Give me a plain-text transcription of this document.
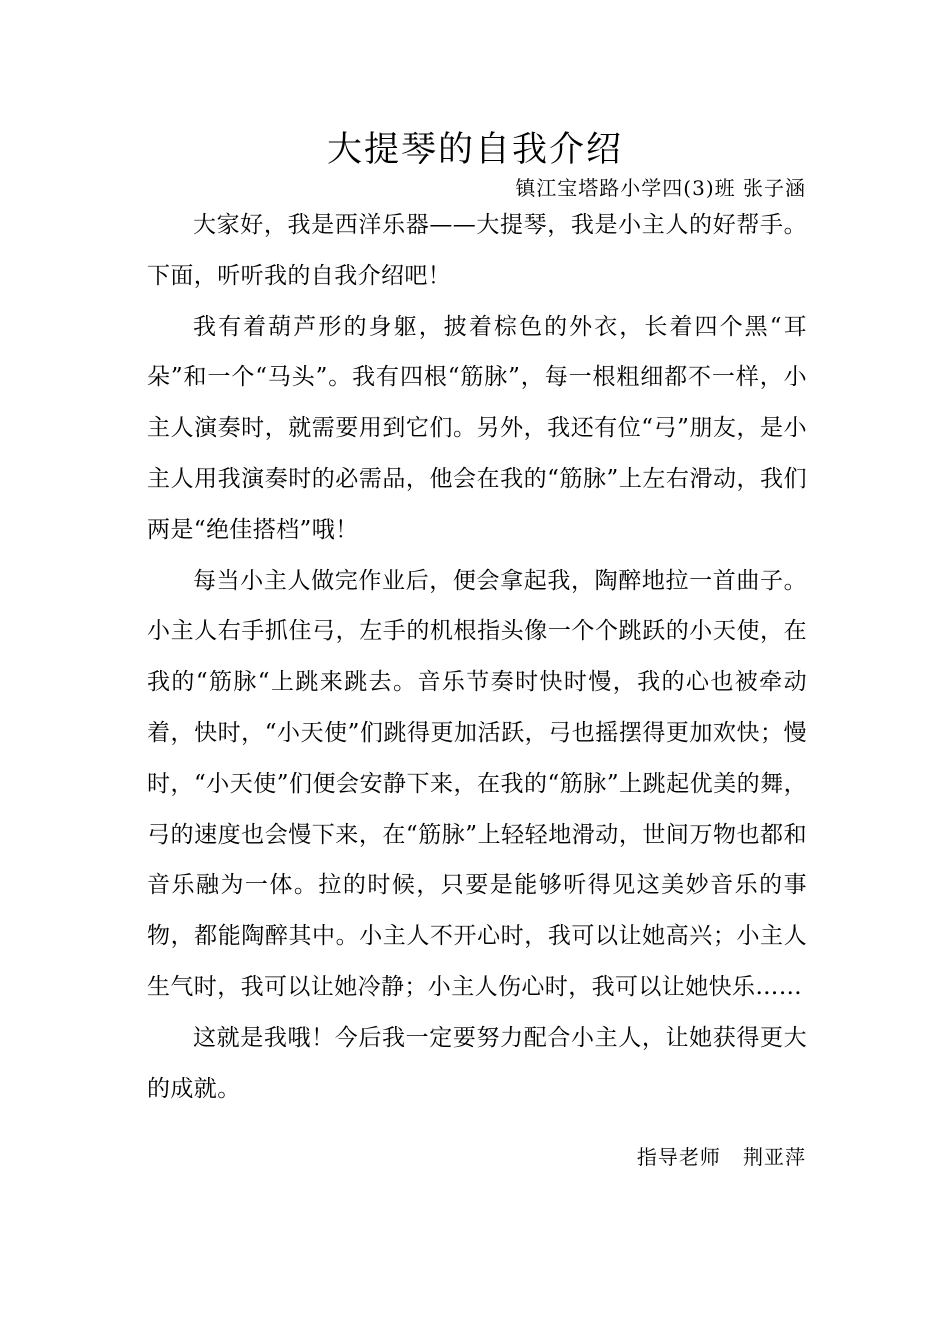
大提琴的自我介绍
镇江宝塔路小学四(3)班 张子涵

大家好，我是西洋乐器——大提琴，我是小主人的好帮手。下面，听听我的自我介绍吧！

我有着葫芦形的身躯，披着棕色的外衣，长着四个黑“耳朵”和一个“马头”。我有四根“筋脉”，每一根粗细都不一样，小主人演奏时，就需要用到它们。另外，我还有位“弓”朋友，是小主人用我演奏时的必需品，他会在我的“筋脉”上左右滑动，我们两是“绝佳搭档”哦！

每当小主人做完作业后，便会拿起我，陶醉地拉一首曲子。小主人右手抓住弓，左手的机根指头像一个个跳跃的小天使，在我的“筋脉“上跳来跳去。音乐节奏时快时慢，我的心也被牵动着，快时，“小天使”们跳得更加活跃，弓也摇摆得更加欢快；慢时，“小天使”们便会安静下来，在我的“筋脉”上跳起优美的舞，弓的速度也会慢下来，在“筋脉”上轻轻地滑动，世间万物也都和音乐融为一体。拉的时候，只要是能够听得见这美妙音乐的事物，都能陶醉其中。小主人不开心时，我可以让她高兴；小主人生气时，我可以让她冷静；小主人伤心时，我可以让她快乐……

这就是我哦！今后我一定要努力配合小主人，让她获得更大的成就。

指导老师 荆亚萍
